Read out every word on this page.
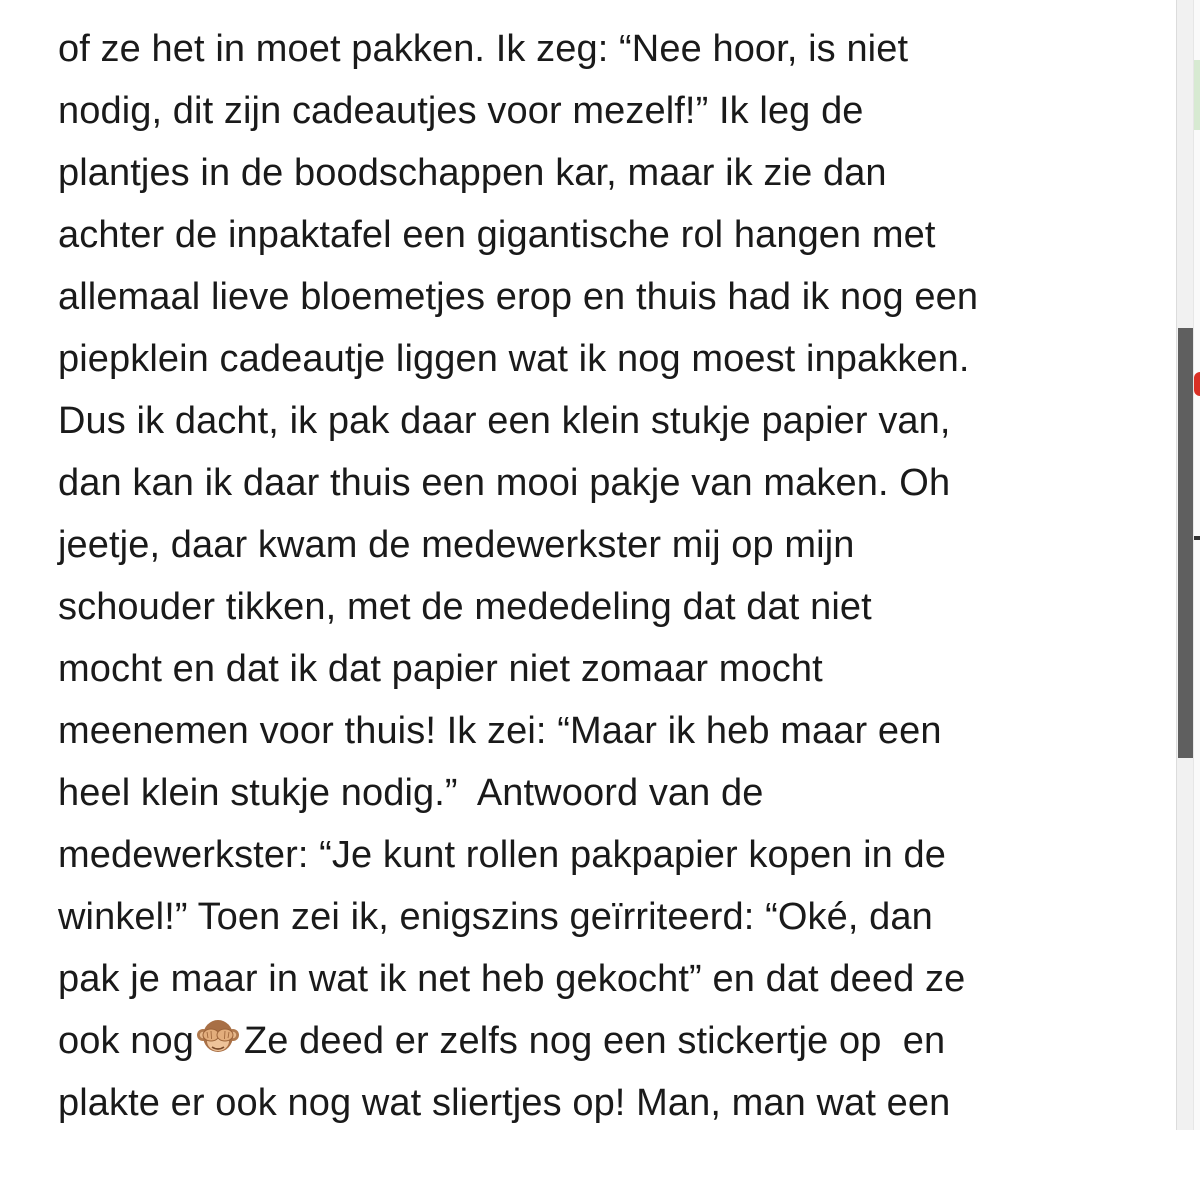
of ze het in moet pakken. Ik zeg: “Nee hoor, is niet
nodig, dit zijn cadeautjes voor mezelf!” Ik leg de
plantjes in de boodschappen kar, maar ik zie dan
achter de inpaktafel een gigantische rol hangen met
allemaal lieve bloemetjes erop en thuis had ik nog een
piepklein cadeautje liggen wat ik nog moest inpakken.
Dus ik dacht, ik pak daar een klein stukje papier van,
dan kan ik daar thuis een mooi pakje van maken. Oh
jeetje, daar kwam de medewerkster mij op mijn
schouder tikken, met de mededeling dat dat niet
mocht en dat ik dat papier niet zomaar mocht
meenemen voor thuis! Ik zei: “Maar ik heb maar een
heel klein stukje nodig.”  Antwoord van de
medewerkster: “Je kunt rollen pakpapier kopen in de
winkel!” Toen zei ik, enigszins geïrriteerd: “Oké, dan
pak je maar in wat ik net heb gekocht” en dat deed ze
ook nog Ze deed er zelfs nog een stickertje op  en
plakte er ook nog wat sliertjes op! Man, man wat een
